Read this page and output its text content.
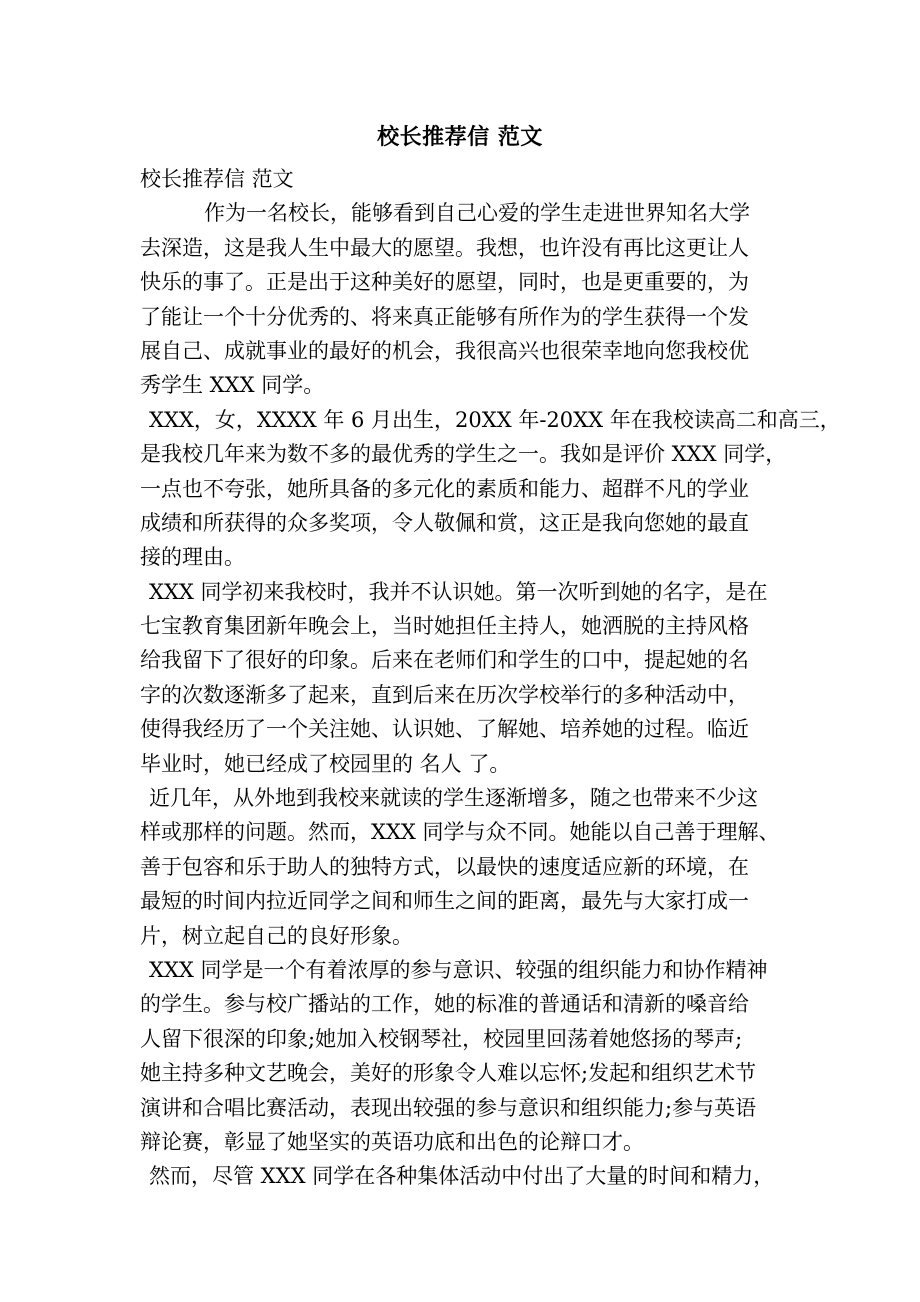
校长推荐信 范文
校长推荐信 范文
作为一名校长，能够看到自己心爱的学生走进世界知名大学
去深造，这是我人生中最大的愿望。我想，也许没有再比这更让人
快乐的事了。正是出于这种美好的愿望，同时，也是更重要的，为
了能让一个十分优秀的、将来真正能够有所作为的学生获得一个发
展自己、成就事业的最好的机会，我很高兴也很荣幸地向您我校优
秀学生 XXX 同学。
XXX，女，XXXX 年 6 月出生，20XX 年-20XX 年在我校读高二和高三，
是我校几年来为数不多的最优秀的学生之一。我如是评价 XXX 同学，
一点也不夸张，她所具备的多元化的素质和能力、超群不凡的学业
成绩和所获得的众多奖项，令人敬佩和赏，这正是我向您她的最直
接的理由。
XXX 同学初来我校时，我并不认识她。第一次听到她的名字，是在
七宝教育集团新年晚会上，当时她担任主持人，她洒脱的主持风格
给我留下了很好的印象。后来在老师们和学生的口中，提起她的名
字的次数逐渐多了起来，直到后来在历次学校举行的多种活动中，
使得我经历了一个关注她、认识她、了解她、培养她的过程。临近
毕业时，她已经成了校园里的 名人 了。
近几年，从外地到我校来就读的学生逐渐增多，随之也带来不少这
样或那样的问题。然而，XXX 同学与众不同。她能以自己善于理解、
善于包容和乐于助人的独特方式，以最快的速度适应新的环境，在
最短的时间内拉近同学之间和师生之间的距离，最先与大家打成一
片，树立起自己的良好形象。
XXX 同学是一个有着浓厚的参与意识、较强的组织能力和协作精神
的学生。参与校广播站的工作，她的标准的普通话和清新的嗓音给
人留下很深的印象;她加入校钢琴社，校园里回荡着她悠扬的琴声;
她主持多种文艺晚会，美好的形象令人难以忘怀;发起和组织艺术节
演讲和合唱比赛活动，表现出较强的参与意识和组织能力;参与英语
辩论赛，彰显了她坚实的英语功底和出色的论辩口才。
然而，尽管 XXX 同学在各种集体活动中付出了大量的时间和精力，
